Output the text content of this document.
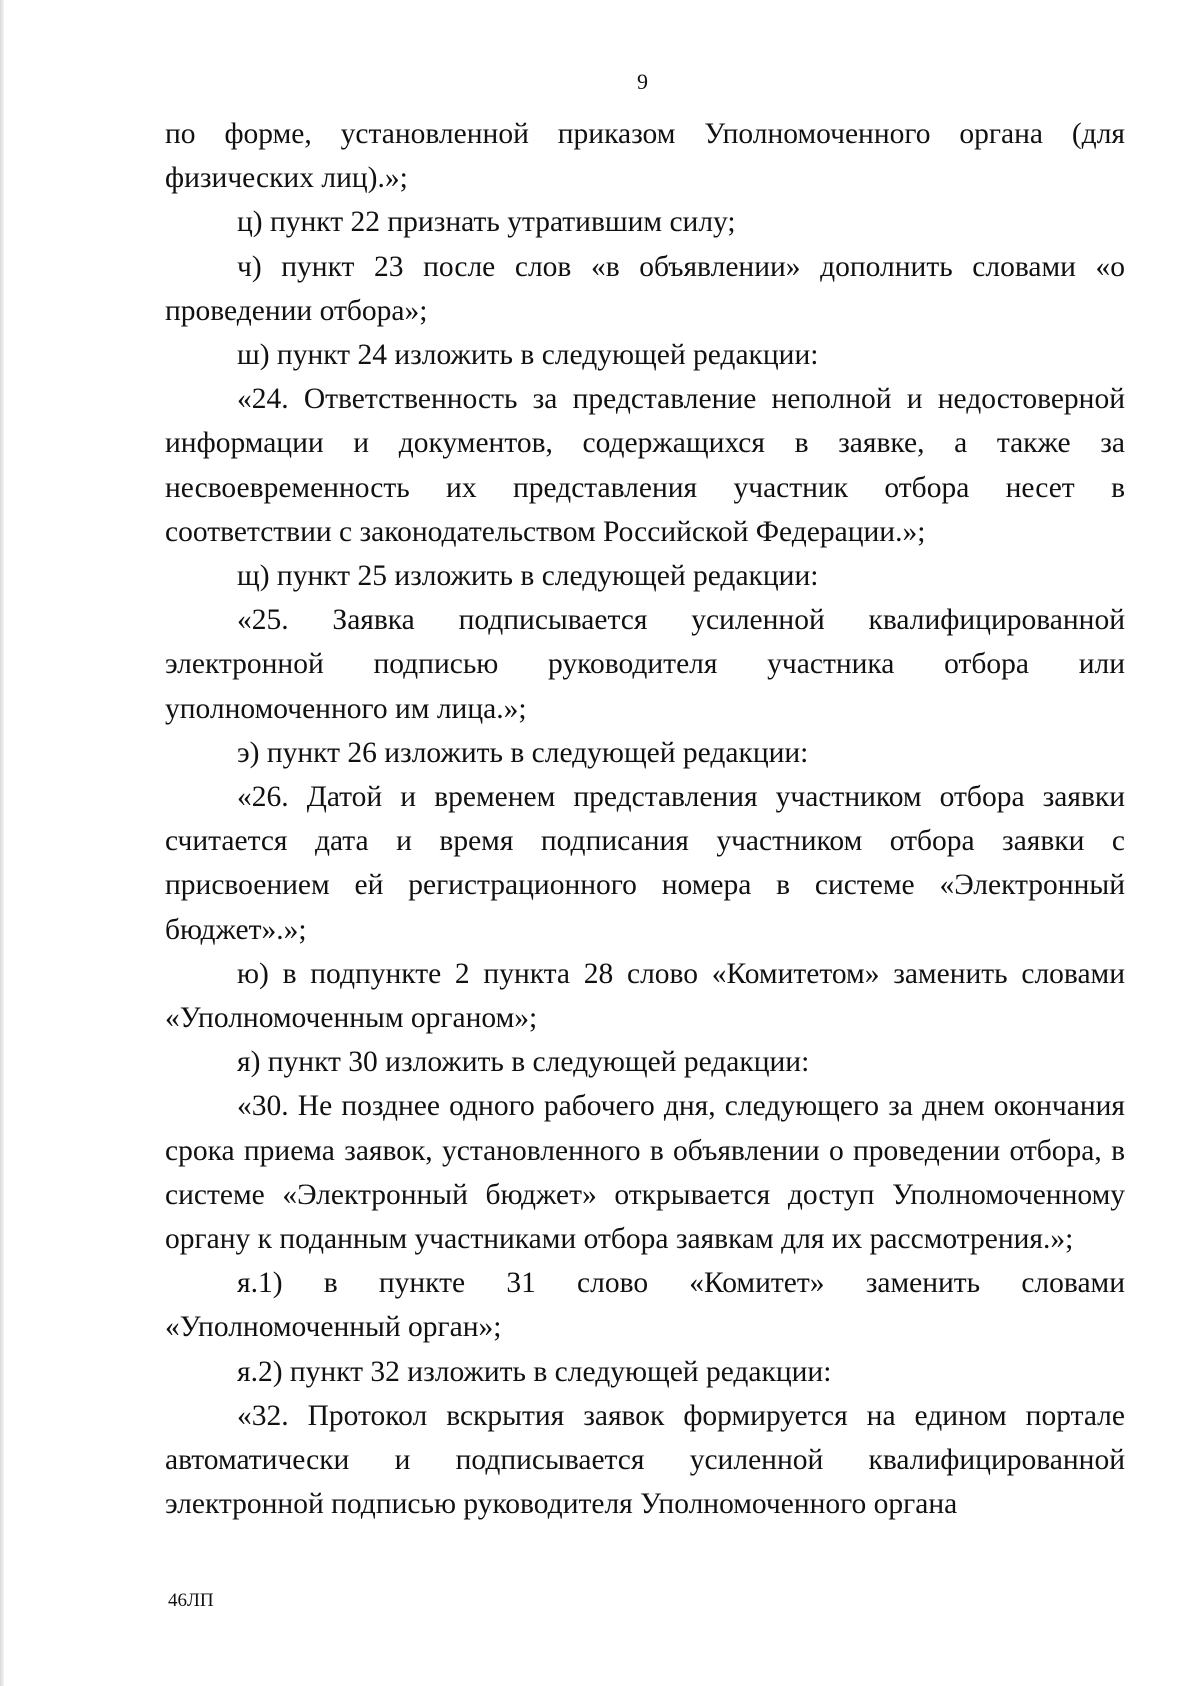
9

по форме, установленной приказом Уполномоченного органа (для физических лиц).»;

ц) пункт 22 признать утратившим силу;

ч) пункт 23 после слов «в объявлении» дополнить словами «о проведении отбора»;

ш) пункт 24 изложить в следующей редакции:

«24. Ответственность за представление неполной и недостоверной информации и документов, содержащихся в заявке, а также за несвоевременность их представления участник отбора несет в соответствии с законодательством Российской Федерации.»;

щ) пункт 25 изложить в следующей редакции:

«25. Заявка подписывается усиленной квалифицированной электронной подписью руководителя участника отбора или уполномоченного им лица.»;

э) пункт 26 изложить в следующей редакции:

«26. Датой и временем представления участником отбора заявки считается дата и время подписания участником отбора заявки с присвоением ей регистрационного номера в системе «Электронный бюджет».»;

ю) в подпункте 2 пункта 28 слово «Комитетом» заменить словами «Уполномоченным органом»;

я) пункт 30 изложить в следующей редакции:

«30. Не позднее одного рабочего дня, следующего за днем окончания срока приема заявок, установленного в объявлении о проведении отбора, в системе «Электронный бюджет» открывается доступ Уполномоченному органу к поданным участниками отбора заявкам для их рассмотрения.»;

я.1) в пункте 31 слово «Комитет» заменить словами «Уполномоченный орган»;

я.2) пункт 32 изложить в следующей редакции:

«32. Протокол вскрытия заявок формируется на едином портале автоматически и подписывается усиленной квалифицированной электронной подписью руководителя Уполномоченного органа

46ЛП
